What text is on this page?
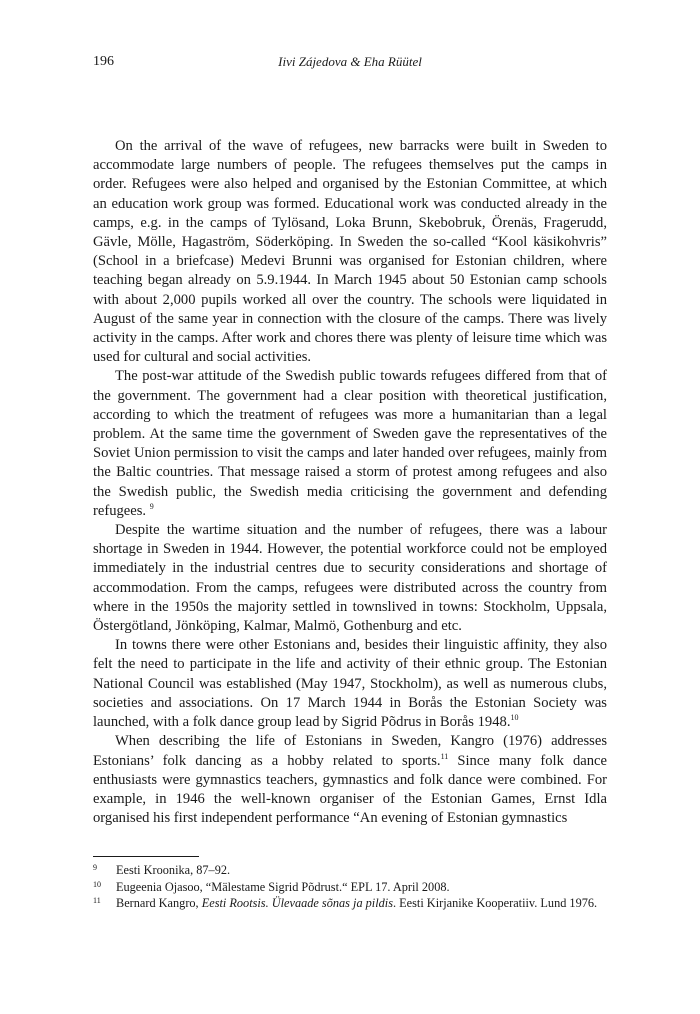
196	Iivi Zájedova & Eha Rüütel

On the arrival of the wave of refugees, new barracks were built in Sweden to accommodate large numbers of people. The refugees themselves put the camps in order. Refugees were also helped and organised by the Estonian Committee, at which an education work group was formed. Educational work was conducted already in the camps, e.g. in the camps of Tylösand, Loka Brunn, Skebobruk, Örenäs, Fragerudd, Gävle, Mölle, Hagaström, Söderköping. In Sweden the so-called “Kool käsikohvris” (School in a briefcase) Medevi Brunni was organised for Estonian children, where teaching began already on 5.9.1944. In March 1945 about 50 Estonian camp schools with about 2,000 pupils worked all over the country. The schools were liquidated in August of the same year in connection with the closure of the camps. There was lively activity in the camps. After work and chores there was plenty of leisure time which was used for cultural and social activities.

The post-war attitude of the Swedish public towards refugees differed from that of the government. The government had a clear position with theoretical justification, according to which the treatment of refugees was more a humanitarian than a legal problem. At the same time the government of Sweden gave the representatives of the Soviet Union permission to visit the camps and later handed over refugees, mainly from the Baltic countries. That message raised a storm of protest among refugees and also the Swedish public, the Swedish media criticising the government and defending refugees. $^9$

Despite the wartime situation and the number of refugees, there was a labour shortage in Sweden in 1944. However, the potential workforce could not be employed immediately in the industrial centres due to security considerations and shortage of accommodation. From the camps, refugees were distributed across the country from where in the 1950s the majority settled in townslived in towns: Stockholm, Uppsala, Östergötland, Jönköping, Kalmar, Malmö, Gothenburg and etc.

In towns there were other Estonians and, besides their linguistic affinity, they also felt the need to participate in the life and activity of their ethnic group. The Estonian National Council was established (May 1947, Stockholm), as well as numerous clubs, societies and associations. On 17 March 1944 in Borås the Estonian Society was launched, with a folk dance group lead by Sigrid Põdrus in Borås 1948.10

When describing the life of Estonians in Sweden, Kangro (1976) addresses Estonians’ folk dancing as a hobby related to sports.$^{11}$ Since many folk dance enthusiasts were gymnastics teachers, gymnastics and folk dance were combined. For example, in 1946 the well-known organiser of the Estonian Games, Ernst Idla organised his first independent performance “An evening of Estonian gymnastics

9	Eesti Kroonika, 87–92.
10	Eugeenia Ojasoo, “Mälestame Sigrid Põdrust.“ EPL 17. April 2008.
11	Bernard Kangro, Eesti Rootsis. Ülevaade sõnas ja pildis. Eesti Kirjanike Kooperatiiv. Lund 1976.
